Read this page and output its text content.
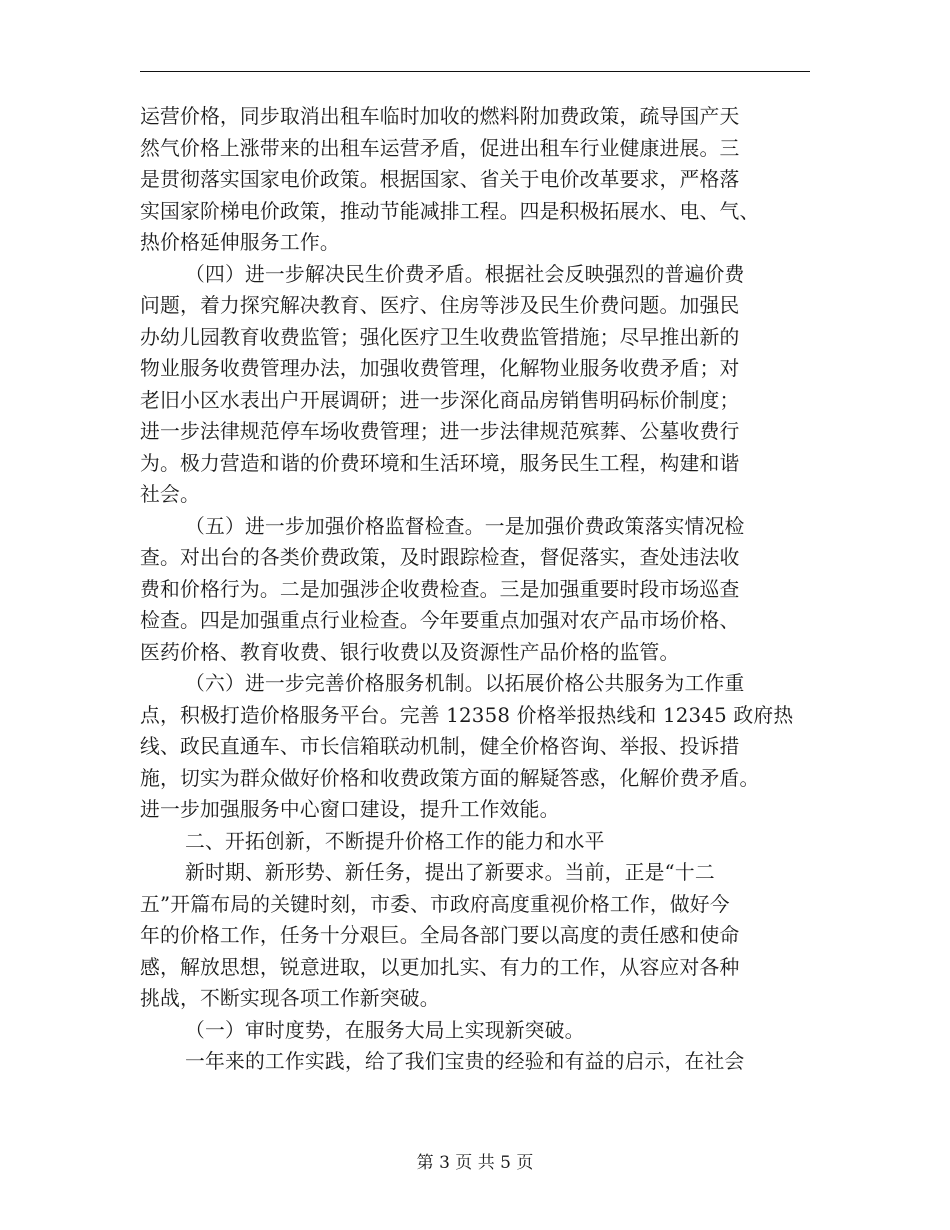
运营价格，同步取消出租车临时加收的燃料附加费政策，疏导国产天
然气价格上涨带来的出租车运营矛盾，促进出租车行业健康进展。三
是贯彻落实国家电价政策。根据国家、省关于电价改革要求，严格落
实国家阶梯电价政策，推动节能减排工程。四是积极拓展水、电、气、
热价格延伸服务工作。
（四）进一步解决民生价费矛盾。根据社会反映强烈的普遍价费
问题，着力探究解决教育、医疗、住房等涉及民生价费问题。加强民
办幼儿园教育收费监管；强化医疗卫生收费监管措施；尽早推出新的
物业服务收费管理办法，加强收费管理，化解物业服务收费矛盾；对
老旧小区水表出户开展调研；进一步深化商品房销售明码标价制度；
进一步法律规范停车场收费管理；进一步法律规范殡葬、公墓收费行
为。极力营造和谐的价费环境和生活环境，服务民生工程，构建和谐
社会。
（五）进一步加强价格监督检查。一是加强价费政策落实情况检
查。对出台的各类价费政策，及时跟踪检查，督促落实，查处违法收
费和价格行为。二是加强涉企收费检查。三是加强重要时段市场巡查
检查。四是加强重点行业检查。今年要重点加强对农产品市场价格、
医药价格、教育收费、银行收费以及资源性产品价格的监管。
（六）进一步完善价格服务机制。以拓展价格公共服务为工作重
点，积极打造价格服务平台。完善 12358 价格举报热线和 12345 政府热
线、政民直通车、市长信箱联动机制，健全价格咨询、举报、投诉措
施，切实为群众做好价格和收费政策方面的解疑答惑，化解价费矛盾。
进一步加强服务中心窗口建设，提升工作效能。
二、开拓创新，不断提升价格工作的能力和水平
新时期、新形势、新任务，提出了新要求。当前，正是“十二
五”开篇布局的关键时刻，市委、市政府高度重视价格工作，做好今
年的价格工作，任务十分艰巨。全局各部门要以高度的责任感和使命
感，解放思想，锐意进取，以更加扎实、有力的工作，从容应对各种
挑战，不断实现各项工作新突破。
（一）审时度势，在服务大局上实现新突破。
一年来的工作实践，给了我们宝贵的经验和有益的启示，在社会
第 3 页 共 5 页
